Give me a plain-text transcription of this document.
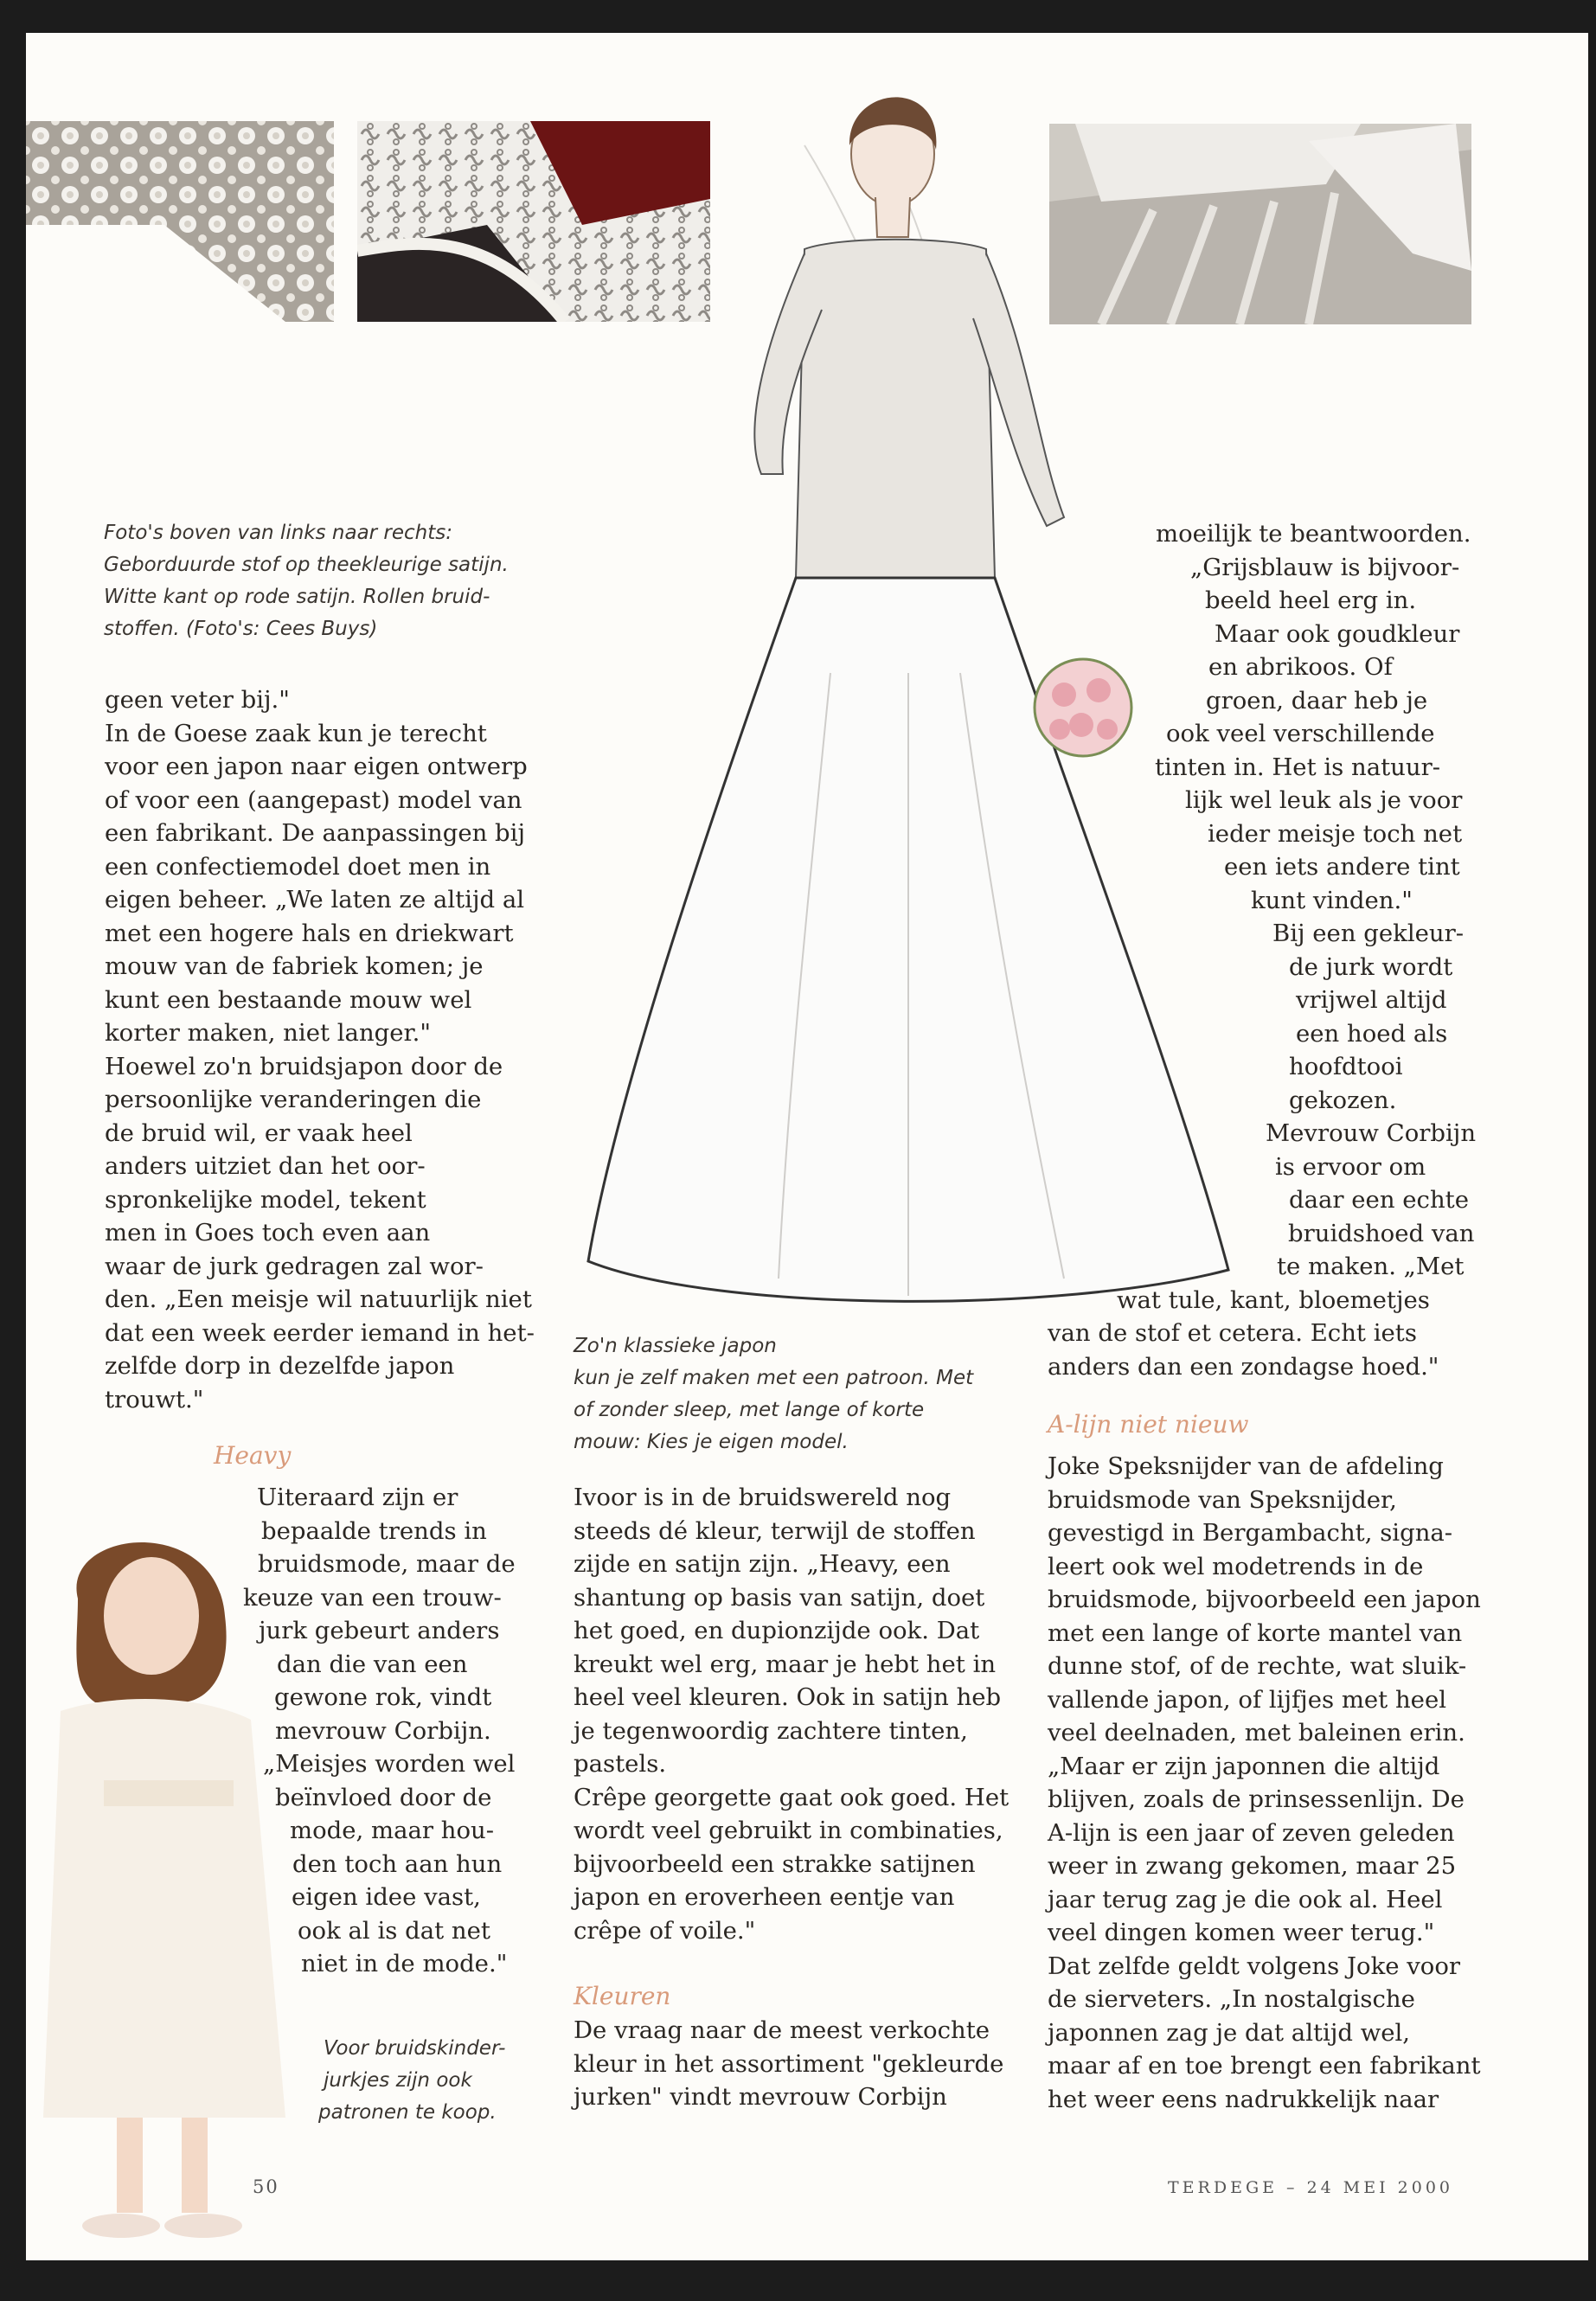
Foto's boven van links naar rechts:
Geborduurde stof op theekleurige satijn.
Witte kant op rode satijn. Rollen bruid-
stoffen. (Foto's: Cees Buys)
Zo'n klassieke japon
kun je zelf maken met een patroon. Met
of zonder sleep, met lange of korte
mouw: Kies je eigen model.
Voor bruidskinder-
jurkjes zijn ook
patronen te koop.
geen veter bij."
In de Goese zaak kun je terecht
voor een japon naar eigen ontwerp
of voor een (aangepast) model van
een fabrikant. De aanpassingen bij
een confectiemodel doet men in
eigen beheer. „We laten ze altijd al
met een hogere hals en driekwart
mouw van de fabriek komen; je
kunt een bestaande mouw wel
korter maken, niet langer."
Hoewel zo'n bruidsjapon door de
persoonlijke veranderingen die
de bruid wil, er vaak heel
anders uitziet dan het oor-
spronkelijke model, tekent
men in Goes toch even aan
waar de jurk gedragen zal wor-
den. „Een meisje wil natuurlijk niet
dat een week eerder iemand in het-
zelfde dorp in dezelfde japon
trouwt."
Heavy
Uiteraard zijn er
bepaalde trends in
bruidsmode, maar de
keuze van een trouw-
jurk gebeurt anders
dan die van een
gewone rok, vindt
mevrouw Corbijn.
„Meisjes worden wel
beïnvloed door de
mode, maar hou-
den toch aan hun
eigen idee vast,
ook al is dat net
niet in de mode."
Ivoor is in de bruidswereld nog
steeds dé kleur, terwijl de stoffen
zijde en satijn zijn. „Heavy, een
shantung op basis van satijn, doet
het goed, en dupionzijde ook. Dat
kreukt wel erg, maar je hebt het in
heel veel kleuren. Ook in satijn heb
je tegenwoordig zachtere tinten,
pastels.
Crêpe georgette gaat ook goed. Het
wordt veel gebruikt in combinaties,
bijvoorbeeld een strakke satijnen
japon en eroverheen eentje van
crêpe of voile."
Kleuren
De vraag naar de meest verkochte
kleur in het assortiment "gekleurde
jurken" vindt mevrouw Corbijn
moeilijk te beantwoorden.
„Grijsblauw is bijvoor-
beeld heel erg in.
Maar ook goudkleur
en abrikoos. Of
groen, daar heb je
ook veel verschillende
tinten in. Het is natuur-
lijk wel leuk als je voor
ieder meisje toch net
een iets andere tint
kunt vinden."
Bij een gekleur-
de jurk wordt
vrijwel altijd
een hoed als
hoofdtooi
gekozen.
Mevrouw Corbijn
is ervoor om
daar een echte
bruidshoed van
te maken. „Met
wat tule, kant, bloemetjes
van de stof et cetera. Echt iets
anders dan een zondagse hoed."
A-lijn niet nieuw
Joke Speksnijder van de afdeling
bruidsmode van Speksnijder,
gevestigd in Bergambacht, signa-
leert ook wel modetrends in de
bruidsmode, bijvoorbeeld een japon
met een lange of korte mantel van
dunne stof, of de rechte, wat sluik-
vallende japon, of lijfjes met heel
veel deelnaden, met baleinen erin.
„Maar er zijn japonnen die altijd
blijven, zoals de prinsessenlijn. De
A-lijn is een jaar of zeven geleden
weer in zwang gekomen, maar 25
jaar terug zag je die ook al. Heel
veel dingen komen weer terug."
Dat zelfde geldt volgens Joke voor
de sierveters. „In nostalgische
japonnen zag je dat altijd wel,
maar af en toe brengt een fabrikant
het weer eens nadrukkelijk naar
50	TERDEGE – 24 MEI 2000
